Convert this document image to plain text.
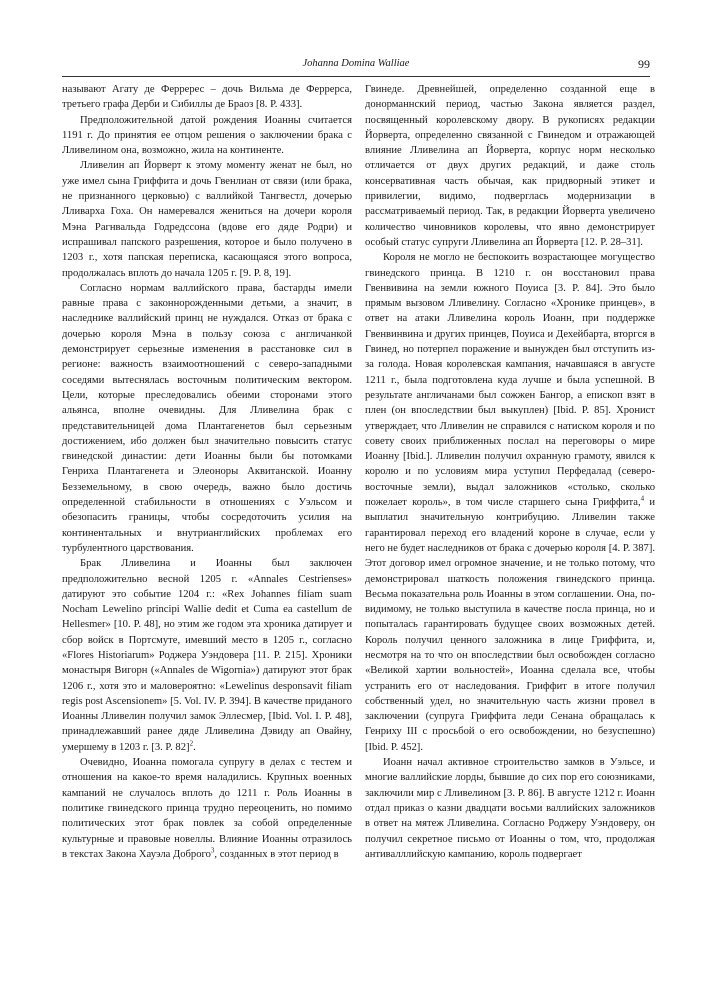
Johanna Domina Walliae	99

называют Агату де Ферререс – дочь Вильма де Феррерса, третьего графа Дерби и Сибиллы де Браоз [8. P. 433].

Предположительной датой рождения Иоанны считается 1191 г. До принятия ее отцом решения о заключении брака с Лливелином она, возможно, жила на континенте.

Лливелин ап Йорверт к этому моменту женат не был, но уже имел сына Гриффита и дочь Гвенлиан от связи (или брака, не признанного церковью) с валлийкой Тангвестл, дочерью Лливарха Гоха. Он намеревался жениться на дочери короля Мэна Рагнвальда Годредссона (вдове его дяде Родри) и испрашивал папского разрешения, которое и было получено в 1203 г., хотя папская переписка, касающаяся этого вопроса, продолжалась вплоть до начала 1205 г. [9. P. 8, 19].

Согласно нормам валлийского права, бастарды имели равные права с законнорожденными детьми, а значит, в наследнике валлийский принц не нуждался. Отказ от брака с дочерью короля Мэна в пользу союза с англичанкой демонстрирует серьезные изменения в расстановке сил в регионе: важность взаимоотношений с северо-западными соседями вытеснялась восточным политическим вектором. Цели, которые преследовались обеими сторонами этого альянса, вполне очевидны. Для Лливелина брак с представительницей дома Плантагенетов был серьезным достижением, ибо должен был значительно повысить статус гвинедской династии: дети Иоанны были бы потомками Генриха Плантагенета и Элеоноры Аквитанской. Иоанну Безземельному, в свою очередь, важно было достичь определенной стабильности в отношениях с Уэльсом и обезопасить границы, чтобы сосредоточить усилия на континентальных и внутрианглийских проблемах его турбулентного царствования.

Брак Лливелина и Иоанны был заключен предположительно весной 1205 г. «Annales Cestrienses» датируют это событие 1204 г.: «Rex Johannes filiam suam Nocham Lewelino principi Wallie dedit et Cuma ea castellum de Hellesmer» [10. P. 48], но этим же годом эта хроника датирует и сбор войск в Портсмуте, имевший место в 1205 г., согласно «Flores Historiarum» Роджера Уэндовера [11. P. 215]. Хроники монастыря Вигорн («Annales de Wigornia») датируют этот брак 1206 г., хотя это и маловероятно: «Lewelinus desponsavit filiam regis post Ascensionem» [5. Vol. IV. P. 394]. В качестве приданого Иоанны Лливелин получил замок Эллесмер, [Ibid. Vol. I. P. 48], принадлежавший ранее дяде Лливелина Дэвиду ап Овайну, умершему в 1203 г. [3. P. 82]$^2$.

Очевидно, Иоанна помогала супругу в делах с тестем и отношения на какое-то время наладились. Крупных военных кампаний не случалось вплоть до 1211 г. Роль Иоанны в политике гвинедского принца трудно переоценить, но помимо политических этот брак повлек за собой определенные культурные и правовые новеллы. Влияние Иоанны отразилось в текстах Закона Хауэла Доброго$^3$, созданных в этот период в

Гвинеде. Древнейшей, определенно созданной еще в донорманнский период, частью Закона является раздел, посвященный королевскому двору. В рукописях редакции Йорверта, определенно связанной с Гвинедом и отражающей влияние Лливелина ап Йорверта, корпус норм несколько отличается от двух других редакций, и даже столь консервативная часть обычая, как придворный этикет и привилегии, видимо, подверглась модернизации в рассматриваемый период. Так, в редакции Йорверта увеличено количество чиновников королевы, что явно демонстрирует особый статус супруги Лливелина ап Йорверта [12. P. 28–31].

Короля не могло не беспокоить возрастающее могущество гвинедского принца. В 1210 г. он восстановил права Гвенвивина на земли южного Поуиса [3. P. 84]. Это было прямым вызовом Лливелину. Согласно «Хронике принцев», в ответ на атаки Лливелина король Иоанн, при поддержке Гвенвинвина и других принцев, Поуиса и Дехейбарта, вторгся в Гвинед, но потерпел поражение и вынужден был отступить из-за голода. Новая королевская кампания, начавшаяся в августе 1211 г., была подготовлена куда лучше и была успешной. В результате англичанами был сожжен Бангор, а епископ взят в плен (он впоследствии был выкуплен) [Ibid. P. 85]. Хронист утверждает, что Лливелин не справился с натиском короля и по совету своих приближенных послал на переговоры о мире Иоанну [Ibid.]. Лливелин получил охранную грамоту, явился к королю и по условиям мира уступил Перфедалад (северо-восточные земли), выдал заложников «столько, сколько пожелает король», в том числе старшего сына Гриффита,$^4$ и выплатил значительную контрибуцию. Лливелин также гарантировал переход его владений короне в случае, если у него не будет наследников от брака с дочерью короля [4. P. 387]. Этот договор имел огромное значение, и не только потому, что демонстрировал шаткость положения гвинедского принца. Весьма показательна роль Иоанны в этом соглашении. Она, по-видимому, не только выступила в качестве посла принца, но и попыталась гарантировать будущее своих возможных детей. Король получил ценного заложника в лице Гриффита, и, несмотря на то что он впоследствии был освобожден согласно «Великой хартии вольностей», Иоанна сделала все, чтобы устранить его от наследования. Гриффит в итоге получил собственный удел, но значительную часть жизни провел в заключении (супруга Гриффита леди Сенана обращалась к Генриху III с просьбой о его освобождении, но безуспешно) [Ibid. P. 452].

Иоанн начал активное строительство замков в Уэльсе, и многие валлийские лорды, бывшие до сих пор его союзниками, заключили мир с Лливелином [3. P. 86]. В августе 1212 г. Иоанн отдал приказ о казни двадцати восьми валлийских заложников в ответ на мятеж Лливелина. Согласно Роджеру Уэндоверу, он получил секретное письмо от Иоанны о том, что, продолжая антивалллийскую кампанию, король подвергает
